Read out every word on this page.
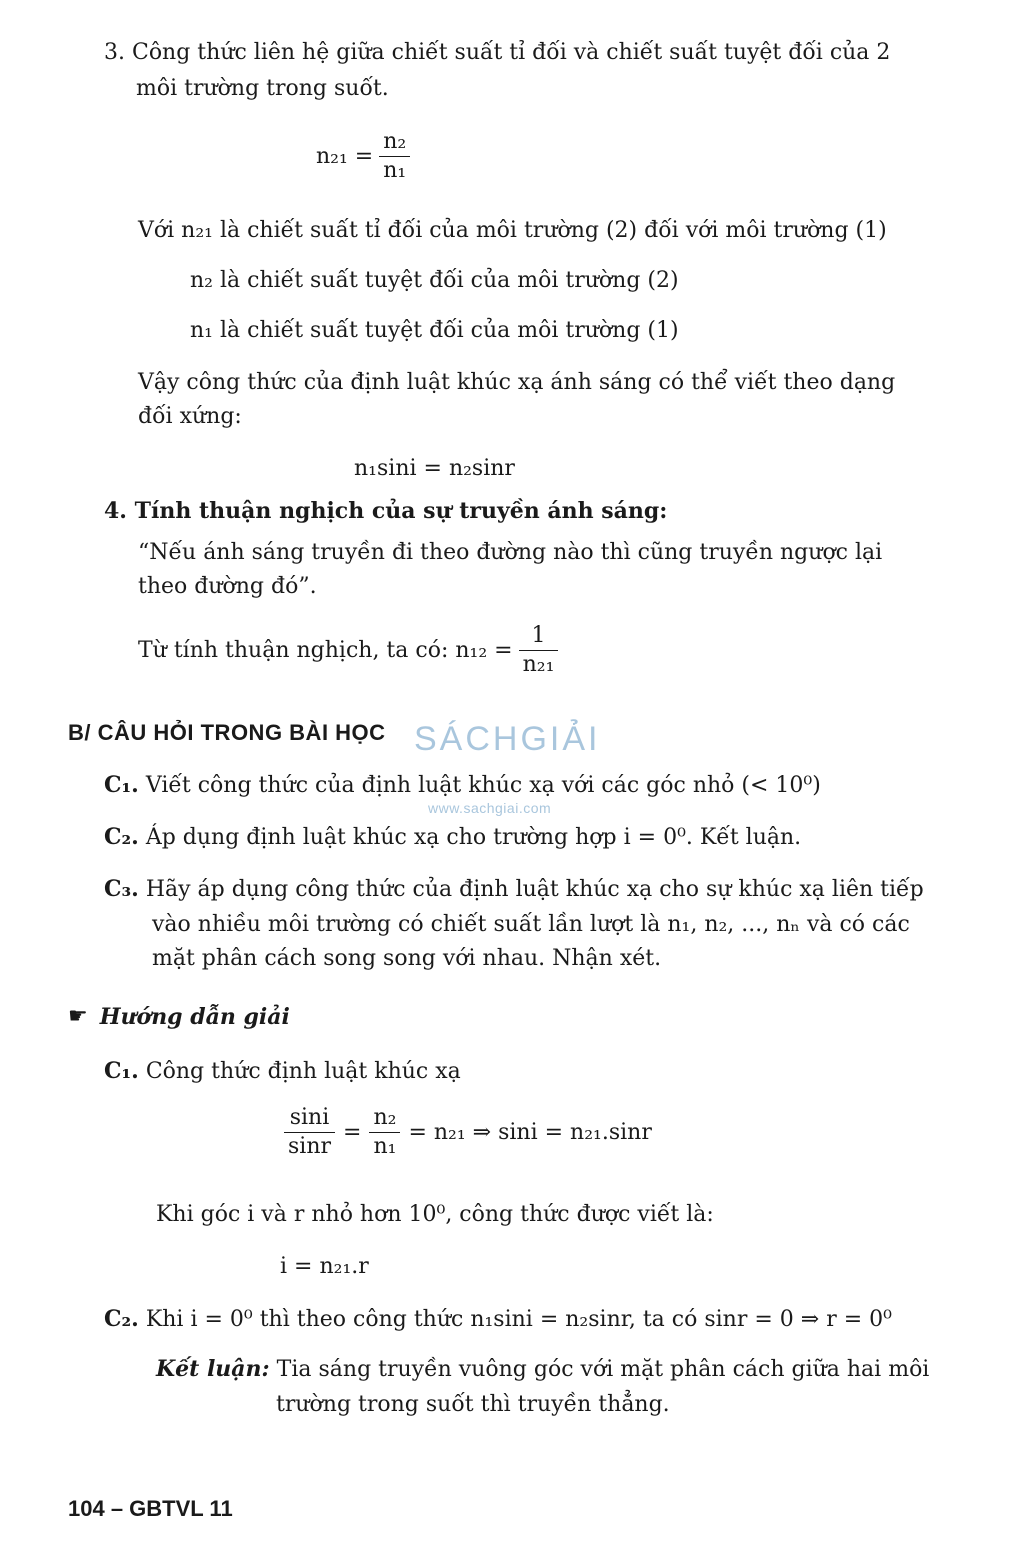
3. Công thức liên hệ giữa chiết suất tỉ đối và chiết suất tuyệt đối của 2
môi trường trong suốt.
$n_{21} = \frac{\text{n₂}}{\text{n₁}}$
Với n₂₁ là chiết suất tỉ đối của môi trường (2) đối với môi trường (1)
n₂ là chiết suất tuyệt đối của môi trường (2)
n₁ là chiết suất tuyệt đối của môi trường (1)
Vậy công thức của định luật khúc xạ ánh sáng có thể viết theo dạng
đối xứng:
n₁sini = n₂sinr
4. Tính thuận nghịch của sự truyền ánh sáng:
“Nếu ánh sáng truyền đi theo đường nào thì cũng truyền ngược lại
theo đường đó”.
Từ tính thuận nghịch, ta có: $n_{12} = \frac{1}{\text{n₂₁}}$
B/ CÂU HỎI TRONG BÀI HỌC SÁCHGIẢI
www.sachgiai.com
C₁. Viết công thức của định luật khúc xạ với các góc nhỏ (< 10⁰)
C₂. Áp dụng định luật khúc xạ cho trường hợp i = 0⁰. Kết luận.
C₃. Hãy áp dụng công thức của định luật khúc xạ cho sự khúc xạ liên tiếp
vào nhiều môi trường có chiết suất lần lượt là n₁, n₂, ..., nₙ và có các
mặt phân cách song song với nhau. Nhận xét.
☛ Hướng dẫn giải
C₁. Công thức định luật khúc xạ
$\frac{\sin i}{\sin r} = \frac{\text{n₂}}{\text{n₁}} = n_{21}$ ⇒ sini = n₂₁.sinr
Khi góc i và r nhỏ hơn 10⁰, công thức được viết là:
i = n₂₁.r
C₂. Khi i = 0⁰ thì theo công thức n₁sini = n₂sinr, ta có sinr = 0 ⇒ r = 0⁰
Kết luận: Tia sáng truyền vuông góc với mặt phân cách giữa hai môi
trường trong suốt thì truyền thẳng.
104 – GBTVL 11
